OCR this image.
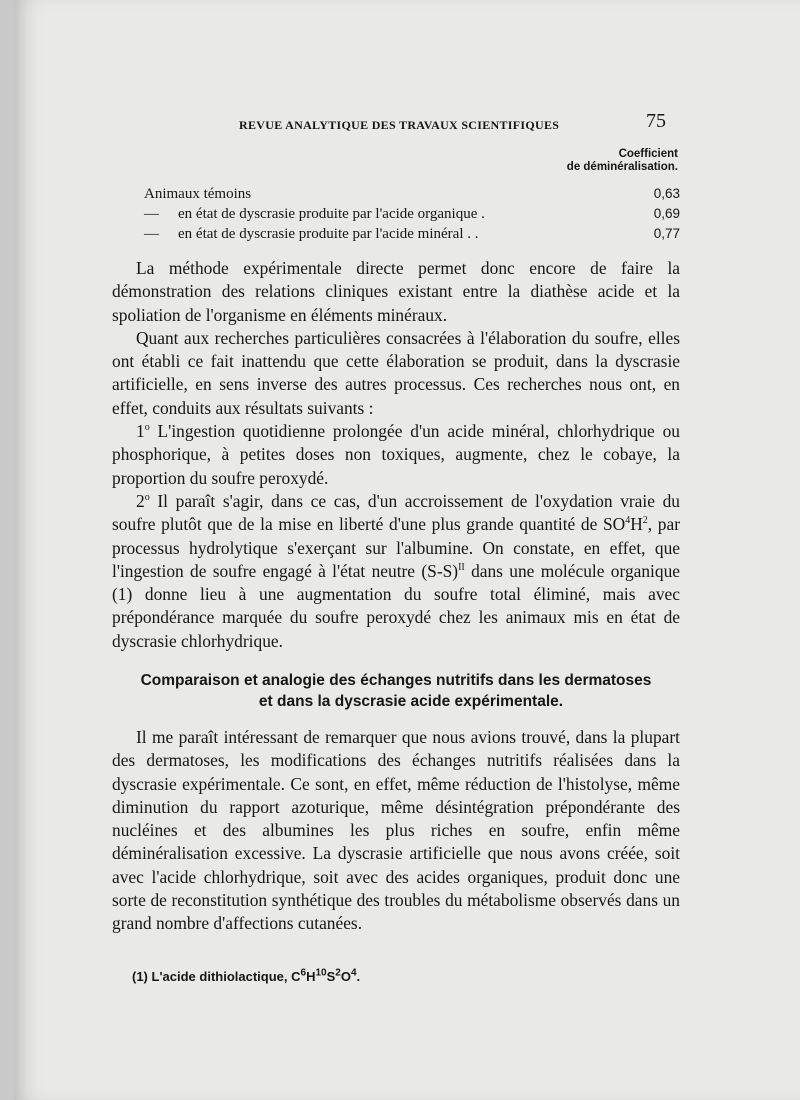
REVUE ANALYTIQUE DES TRAVAUX SCIENTIFIQUES	75
Coefficient
de déminéralisation.
Animaux témoins	0,63
— en état de dyscrasie produite par l'acide organique .	0,69
— en état de dyscrasie produite par l'acide minéral . .	0,77

La méthode expérimentale directe permet donc encore de faire la démonstration des relations cliniques existant entre la diathèse acide et la spoliation de l'organisme en éléments minéraux.

Quant aux recherches particulières consacrées à l'élaboration du soufre, elles ont établi ce fait inattendu que cette élaboration se produit, dans la dyscrasie artificielle, en sens inverse des autres processus. Ces recherches nous ont, en effet, conduits aux résultats suivants :

1$^o$ L'ingestion quotidienne prolongée d'un acide minéral, chlorhydrique ou phosphorique, à petites doses non toxiques, augmente, chez le cobaye, la proportion du soufre peroxydé.

2$^o$ Il paraît s'agir, dans ce cas, d'un accroissement de l'oxydation vraie du soufre plutôt que de la mise en liberté d'une plus grande quantité de $SO^4H^2$, par processus hydrolytique s'exerçant sur l'albumine. On constate, en effet, que l'ingestion de soufre engagé à l'état neutre $(S-S)^{II}$ dans une molécule organique (1) donne lieu à une augmentation du soufre total éliminé, mais avec prépondérance marquée du soufre peroxydé chez les animaux mis en état de dyscrasie chlorhydrique.

Comparaison et analogie des échanges nutritifs dans les dermatoses
et dans la dyscrasie acide expérimentale.

Il me paraît intéressant de remarquer que nous avions trouvé, dans la plupart des dermatoses, les modifications des échanges nutritifs réalisées dans la dyscrasie expérimentale. Ce sont, en effet, même réduction de l'histolyse, même diminution du rapport azoturique, même désintégration prépondérante des nucléines et des albumines les plus riches en soufre, enfin même déminéralisation excessive. La dyscrasie artificielle que nous avons créée, soit avec l'acide chlorhydrique, soit avec des acides organiques, produit donc une sorte de reconstitution synthétique des troubles du métabolisme observés dans un grand nombre d'affections cutanées.

(1) L'acide dithiolactique, $C^6H^{10}S^2O^4$.
